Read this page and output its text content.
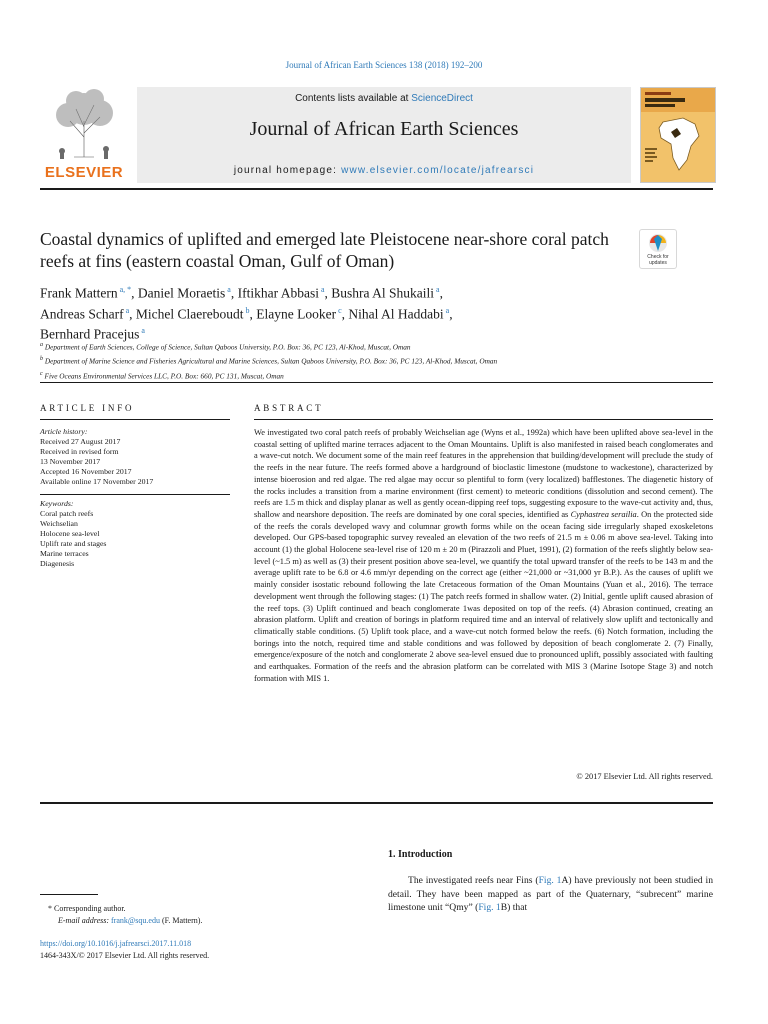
Journal of African Earth Sciences 138 (2018) 192–200
ELSEVIER
Contents lists available at ScienceDirect
Journal of African Earth Sciences
journal homepage: www.elsevier.com/locate/jafrearsci
Coastal dynamics of uplifted and emerged late Pleistocene near-shore coral patch reefs at fins (eastern coastal Oman, Gulf of Oman)	Check for updates
Frank Mattern $^{a, *}$, Daniel Moraetis $^a$, Iftikhar Abbasi $^a$, Bushra Al Shukaili $^a$,
Andreas Scharf $^a$, Michel Claereboudt $^b$, Elayne Looker $^c$, Nihal Al Haddabi $^a$,
Bernhard Pracejus $^a$
$^a$ Department of Earth Sciences, College of Science, Sultan Qaboos University, P.O. Box: 36, PC 123, Al-Khod, Muscat, Oman
$^b$ Department of Marine Science and Fisheries Agricultural and Marine Sciences, Sultan Qaboos University, P.O. Box: 36, PC 123, Al-Khod, Muscat, Oman
$^c$ Five Oceans Environmental Services LLC, P.O. Box: 660, PC 131, Muscat, Oman
ARTICLE INFO	ABSTRACT
Article history:
Received 27 August 2017
Received in revised form
13 November 2017
Accepted 16 November 2017
Available online 17 November 2017
Keywords:
Coral patch reefs
Weichselian
Holocene sea-level
Uplift rate and stages
Marine terraces
Diagenesis
We investigated two coral patch reefs of probably Weichselian age (Wyns et al., 1992a) which have been uplifted above sea-level in the coastal setting of uplifted marine terraces adjacent to the Oman Mountains. Uplift is also manifested in raised beach conglomerates and a wave-cut notch. We document some of the main reef features in the apprehension that building/development will preclude the study of the reefs in the near future. The reefs formed above a hardground of bioclastic limestone (mudstone to wackestone), characterized by intense bioerosion and red algae. The red algae may occur so plentiful to form (very localized) bafflestones. The diagenetic history of the rocks includes a transition from a marine environment (first cement) to meteoric conditions (dissolution and second cement). The reefs are 1.5 m thick and display planar as well as gently ocean-dipping reef tops, suggesting exposure to the wave-cut activity and, thus, shallow and nearshore deposition. The reefs are dominated by one coral species, identified as Cyphastrea serailia. On the protected side of the reefs the corals developed wavy and columnar growth forms while on the ocean facing side irregularly shaped exoskeletons developed. Our GPS-based topographic survey revealed an elevation of the two reefs of 21.5 m ± 0.06 m above sea-level. Taking into account (1) the global Holocene sea-level rise of 120 m ± 20 m (Pirazzoli and Pluet, 1991), (2) formation of the reefs slightly below sea-level (~1.5 m) as well as (3) their present position above sea-level, we quantify the total upward transfer of the reefs to be 143 m and the average uplift rate to be 6.8 or 4.6 mm/yr depending on the correct age (either ~21,000 or ~31,000 yr B.P.). As the causes of uplift we mainly consider isostatic rebound following the late Cretaceous formation of the Oman Mountains (Yuan et al., 2016). The terrace development went through the following stages: (1) The patch reefs formed in shallow water. (2) Initial, gentle uplift caused abrasion of the reef tops. (3) Uplift continued and beach conglomerate 1was deposited on top of the reefs. (4) Abrasion continued, creating an abrasion platform. Uplift and creation of borings in platform required time and an interval of relatively slow uplift and tectonically and climatically stable conditions. (5) Uplift took place, and a wave-cut notch formed below the reefs. (6) Notch formation, including the borings into the notch, required time and stable conditions and was followed by deposition of beach conglomerate 2. (7) Finally, emergence/exposure of the notch and conglomerate 2 above sea-level ensued due to pronounced uplift, possibly associated with faulting and earthquakes. Formation of the reefs and the abrasion platform can be correlated with MIS 3 (Marine Isotope Stage 3) and notch formation with MIS 1.
© 2017 Elsevier Ltd. All rights reserved.
1. Introduction
The investigated reefs near Fins (Fig. 1A) have previously not been studied in detail. They have been mapped as part of the Quaternary, “subrecent” marine limestone unit “Qmy” (Fig. 1B) that
* Corresponding author.
E-mail address: frank@squ.edu (F. Mattern).
https://doi.org/10.1016/j.jafrearsci.2017.11.018
1464-343X/© 2017 Elsevier Ltd. All rights reserved.
